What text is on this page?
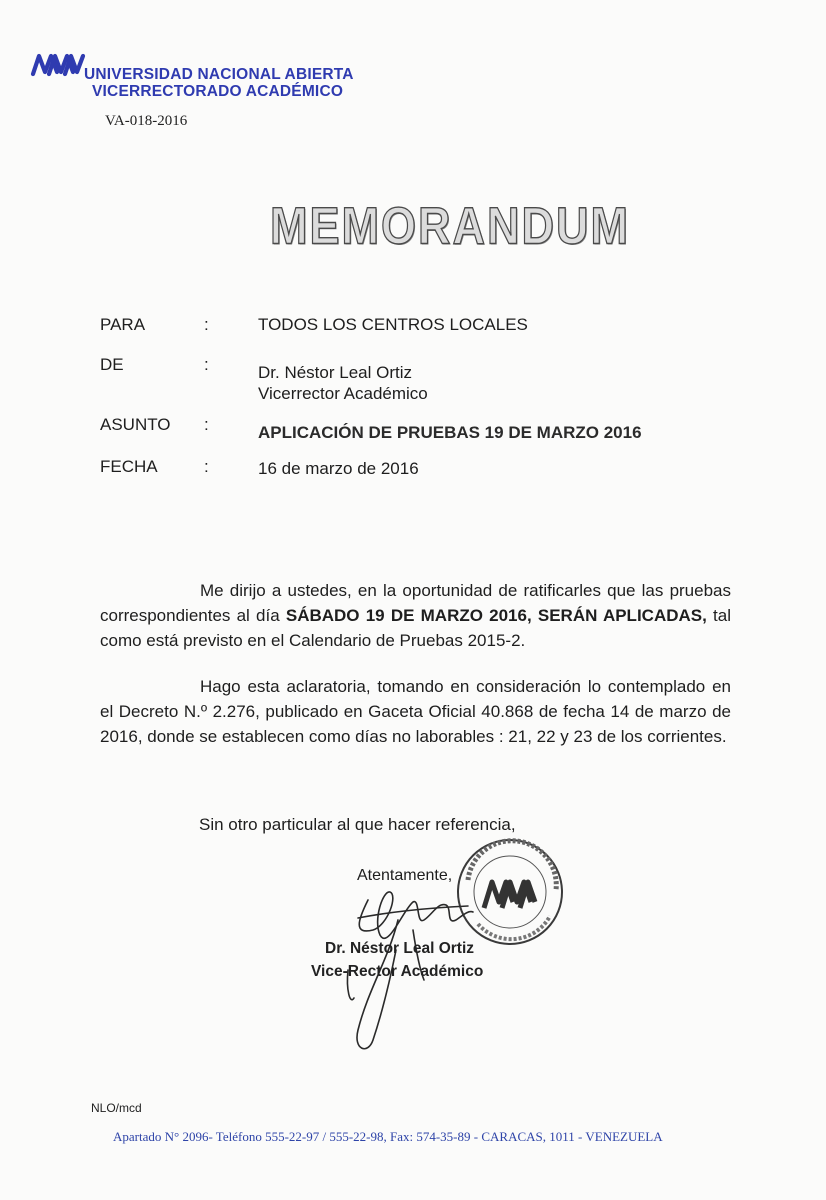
UNIVERSIDAD NACIONAL ABIERTA
VICERRECTORADO ACADÉMICO
VA-018-2016
MEMORANDUM
PARA	:	TODOS LOS CENTROS LOCALES
DE	:	Dr. Néstor Leal Ortiz
Vicerrector Académico
ASUNTO :	APLICACIÓN DE PRUEBAS 19 DE MARZO 2016
FECHA	:	16 de marzo de 2016
Me dirijo a ustedes, en la oportunidad de ratificarles que las pruebas correspondientes al día SÁBADO 19 DE MARZO 2016, SERÁN APLICADAS, tal como está previsto en el Calendario de Pruebas 2015-2.
Hago esta aclaratoria, tomando en consideración lo contemplado en el Decreto N.º 2.276, publicado en Gaceta Oficial 40.868 de fecha 14 de marzo de 2016, donde se establecen como días no laborables : 21, 22 y 23 de los corrientes.
Sin otro particular al que hacer referencia,
Atentamente,
Dr. Néstor Leal Ortiz
Vice-Rector Académico
NLO/mcd
Apartado N° 2096- Teléfono 555-22-97 / 555-22-98, Fax: 574-35-89 - CARACAS, 1011 - VENEZUELA
